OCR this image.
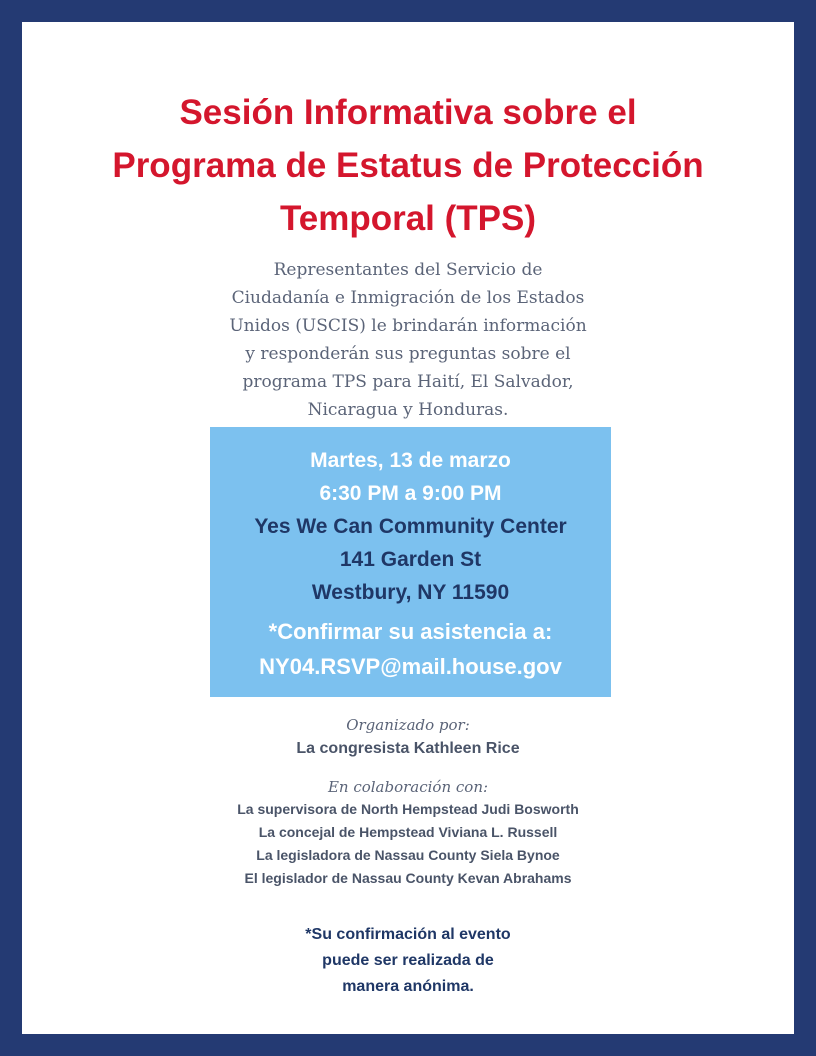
Sesión Informativa sobre el
Programa de Estatus de Protección
Temporal (TPS)
Representantes del Servicio de
Ciudadanía e Inmigración de los Estados
Unidos (USCIS) le brindarán información
y responderán sus preguntas sobre el
programa TPS para Haití, El Salvador,
Nicaragua y Honduras.
Martes, 13 de marzo
6:30 PM a 9:00 PM
Yes We Can Community Center
141 Garden St
Westbury, NY 11590
*Confirmar su asistencia a:
NY04.RSVP@mail.house.gov
Organizado por:
La congresista Kathleen Rice
En colaboración con:
La supervisora de North Hempstead Judi Bosworth
La concejal de Hempstead Viviana L. Russell
La legisladora de Nassau County Siela Bynoe
El legislador de Nassau County Kevan Abrahams
*Su confirmación al evento
puede ser realizada de
manera anónima.
